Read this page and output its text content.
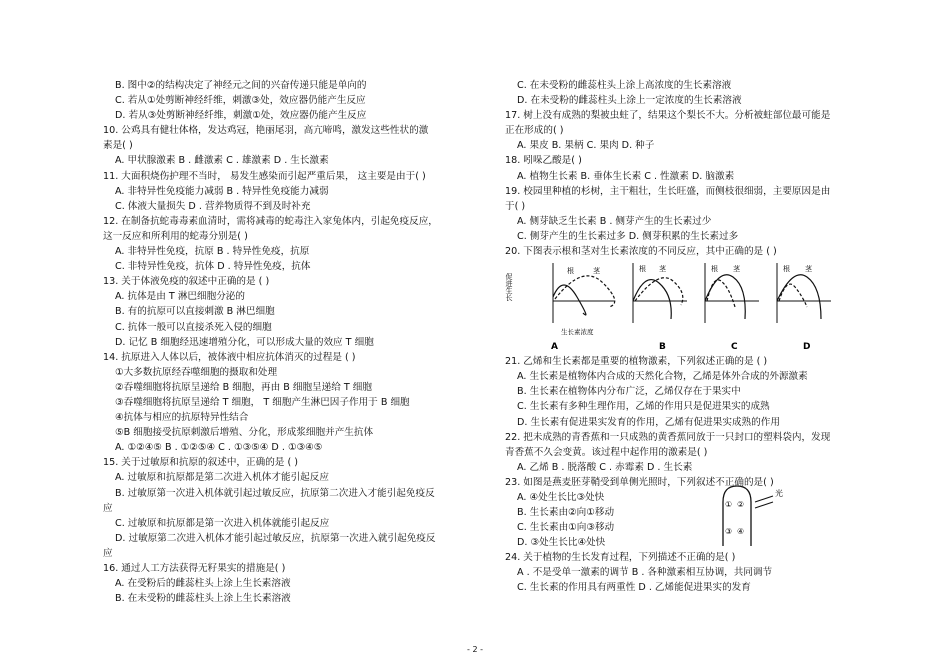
B. 图中②的结构决定了神经元之间的兴奋传递只能是单向的
C. 若从①处剪断神经纤维，刺激③处，效应器仍能产生反应
D. 若从③处剪断神经纤维，刺激①处，效应器仍能产生反应
10. 公鸡具有健壮体格，发达鸡冠，艳丽尾羽，高亢啼鸣，激发这些性状的激
素是( )
A. 甲状腺激素 B . 雌激素 C . 雄激素 D . 生长激素
11. 大面积烧伤护理不当时， 易发生感染而引起严重后果， 这主要是由于( )
A. 非特异性免疫能力减弱 B . 特异性免疫能力减弱
C. 体液大量损失 D . 营养物质得不到及时补充
12. 在制备抗蛇毒毒素血清时，需将减毒的蛇毒注入家兔体内，引起免疫反应，
这一反应和所利用的蛇毒分别是( )
A. 非特异性免疫，抗原 B . 特异性免疫，抗原
C. 非特异性免疫，抗体 D . 特异性免疫，抗体
13. 关于体液免疫的叙述中正确的是 ( )
A. 抗体是由 T 淋巴细胞分泌的
B. 有的抗原可以直接刺激 B 淋巴细胞
C. 抗体一般可以直接杀死入侵的细胞
D. 记忆 B 细胞经迅速增殖分化，可以形成大量的效应 T 细胞
14. 抗原进入人体以后，被体液中相应抗体消灭的过程是 ( )
①大多数抗原经吞噬细胞的摄取和处理
②吞噬细胞将抗原呈递给 B 细胞，再由 B 细胞呈递给 T 细胞
③吞噬细胞将抗原呈递给 T 细胞， T 细胞产生淋巴因子作用于 B 细胞
④抗体与相应的抗原特异性结合
⑤B 细胞接受抗原刺激后增殖、分化，形成浆细胞并产生抗体
A. ①②④⑤ B . ①②⑤④ C . ①③⑤④ D . ①③④⑤
15. 关于过敏原和抗原的叙述中，正确的是 ( )
A. 过敏原和抗原都是第二次进入机体才能引起反应
B. 过敏原第一次进入机体就引起过敏反应，抗原第二次进入才能引起免疫反
应
C. 过敏原和抗原都是第一次进入机体就能引起反应
D. 过敏原第二次进入机体才能引起过敏反应，抗原第一次进入就引起免疫反
应
16. 通过人工方法获得无籽果实的措施是( )
A. 在受粉后的雌蕊柱头上涂上生长素溶液
B. 在未受粉的雌蕊柱头上涂上生长素溶液
C. 在未受粉的雌蕊柱头上涂上高浓度的生长素溶液
D. 在未受粉的雌蕊柱头上涂上一定浓度的生长素溶液
17. 树上没有成熟的梨被虫蛀了，结果这个梨长不大。分析被蛀部位最可能是
正在形成的( )
A. 果皮 B. 果柄 C. 果肉 D. 种子
18. 吲哚乙酸是( )
A. 植物生长素 B. 垂体生长素 C . 性激素 D. 脑激素
19. 校园里种植的杉树，主干粗壮，生长旺盛，而侧枝很细弱，主要原因是由
于( )
A. 侧芽缺乏生长素 B . 侧芽产生的生长素过少
C. 侧芽产生的生长素过多 D. 侧芽积累的生长素过多
20. 下图表示根和茎对生长素浓度的不同反应，其中正确的是 ( )
促进生长
根	茎
生长素浓度
A
根 茎
B
根 茎
C
根 茎
D
21. 乙烯和生长素都是重要的植物激素，下列叙述正确的是 ( )
A. 生长素是植物体内合成的天然化合物，乙烯是体外合成的外源激素
B. 生长素在植物体内分布广泛，乙烯仅存在于果实中
C. 生长素有多种生理作用，乙烯的作用只是促进果实的成熟
D. 生长素有促进果实发育的作用，乙烯有促进果实成熟的作用
22. 把未成熟的青香蕉和一只成熟的黄香蕉同放于一只封口的塑料袋内，发现
青香蕉不久会变黄。该过程中起作用的激素是( )
A. 乙烯 B . 脱落酸 C . 赤霉素 D . 生长素
23. 如图是燕麦胚芽鞘受到单侧光照时，下列叙述不正确的是( )
A. ④处生长比③处快
B. 生长素由②向①移动
C. 生长素由①向③移动
D. ③处生长比④处快
① ②
③ ④
光
24. 关于植物的生长发育过程，下列描述不正确的是( )
A . 不是受单一激素的调节 B . 各种激素相互协调，共同调节
C. 生长素的作用具有两重性 D . 乙烯能促进果实的发育
- 2 -
